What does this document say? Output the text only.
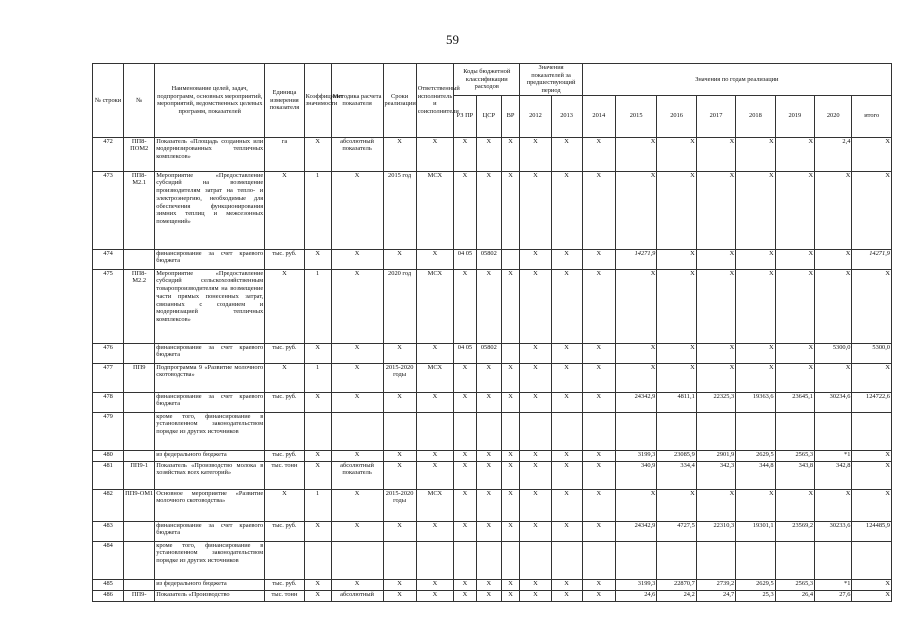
59
№ строки	№	Наименование целей, задач, подпрограмм, основных мероприятий, мероприятий, ведомственных целевых программ, показателей	Единица измерения показателя	Коэффициент значимости	Методика расчета показателя	Сроки реализации	Ответственный исполнитель и соисполнители	Коды бюджетной классификации расходов			Значения показателей за предшествующий период		Значения по годам реализации							
								РЗ ПР	ЦСР	ВР	2012	2013	2014	2015	2016	2017	2018	2019	2020	итого
472	ПП8-ПОМ2	Показатель «Площадь созданных или модернизированных тепличных комплексов»	га	Х	абсолютный показатель	Х	Х	Х	Х	Х	Х	Х	Х	Х	Х	Х	Х	Х	2,4	Х
473	ПП8-М2.1	Мероприятие «Предоставление субсидий на возмещение производителям затрат на тепло- и электроэнергию, необходимые для обеспечения функционирования зимних теплиц и межсезонных помещений»	Х	1	Х	2015 год	МСХ	Х	Х	Х	Х	Х	Х	Х	Х	Х	Х	Х	Х	Х
474		финансирование за счет краевого бюджета	тыс. руб.	Х	Х	Х	Х	04 05	05802		Х	Х	Х	14271,9	Х	Х	Х	Х	Х	14271,9
475	ПП8-М2.2	Мероприятие «Предоставление субсидий сельскохозяйственным товаропроизводителям на возмещение части прямых понесенных затрат, связанных с созданием и модернизацией тепличных комплексов»	Х	1	Х	2020 год	МСХ	Х	Х	Х	Х	Х	Х	Х	Х	Х	Х	Х	Х	Х
476		финансирование за счет краевого бюджета	тыс. руб.	Х	Х	Х	Х	04 05	05802		Х	Х	Х	Х	Х	Х	Х	Х	5300,0	5300,0
477	ПП9	Подпрограмма 9 «Развитие молочного скотоводства»	Х	1	Х	2015-2020 годы	МСХ	Х	Х	Х	Х	Х	Х	Х	Х	Х	Х	Х	Х	Х
478		финансирование за счет краевого бюджета	тыс. руб.	Х	Х	Х	Х	Х	Х	Х	Х	Х	Х	24342,9	4811,1	22325,3	19363,6	23645,1	30234,6	124722,6
479		кроме того, финансирование в установленном законодательством порядке из других источников																		
480		из федерального бюджета	тыс. руб.	Х	Х	Х	Х	Х	Х	Х	Х	Х	Х	3199,3	23085,9	2901,9	2629,5	2565,3	*1	Х
481	ПП9-1	Показатель «Производство молока в хозяйствах всех категорий»	тыс. тонн	Х	абсолютный показатель	Х	Х	Х	Х	Х	Х	Х	Х	340,9	334,4	342,3	344,8	343,8	342,8	Х
482	ПП9-ОМ1	Основное мероприятие «Развитие молочного скотоводства»	Х	1	Х	2015-2020 годы	МСХ	Х	Х	Х	Х	Х	Х	Х	Х	Х	Х	Х	Х	Х
483		финансирование за счет краевого бюджета	тыс. руб.	Х	Х	Х	Х	Х	Х	Х	Х	Х	Х	24342,9	4727,5	22310,3	19301,1	23569,2	30233,6	124485,9
484		кроме того, финансирование в установленном законодательством порядке из других источников																		
485		из федерального бюджета	тыс. руб.	Х	Х	Х	Х	Х	Х	Х	Х	Х	Х	3199,3	22870,7	2739,2	2629,5	2565,3	*1	Х
486	ПП9-	Показатель «Производство	тыс. тонн	Х	абсолютный	Х	Х	Х	Х	Х	Х	Х	Х	24,6	24,2	24,7	25,3	26,4	27,6	Х
